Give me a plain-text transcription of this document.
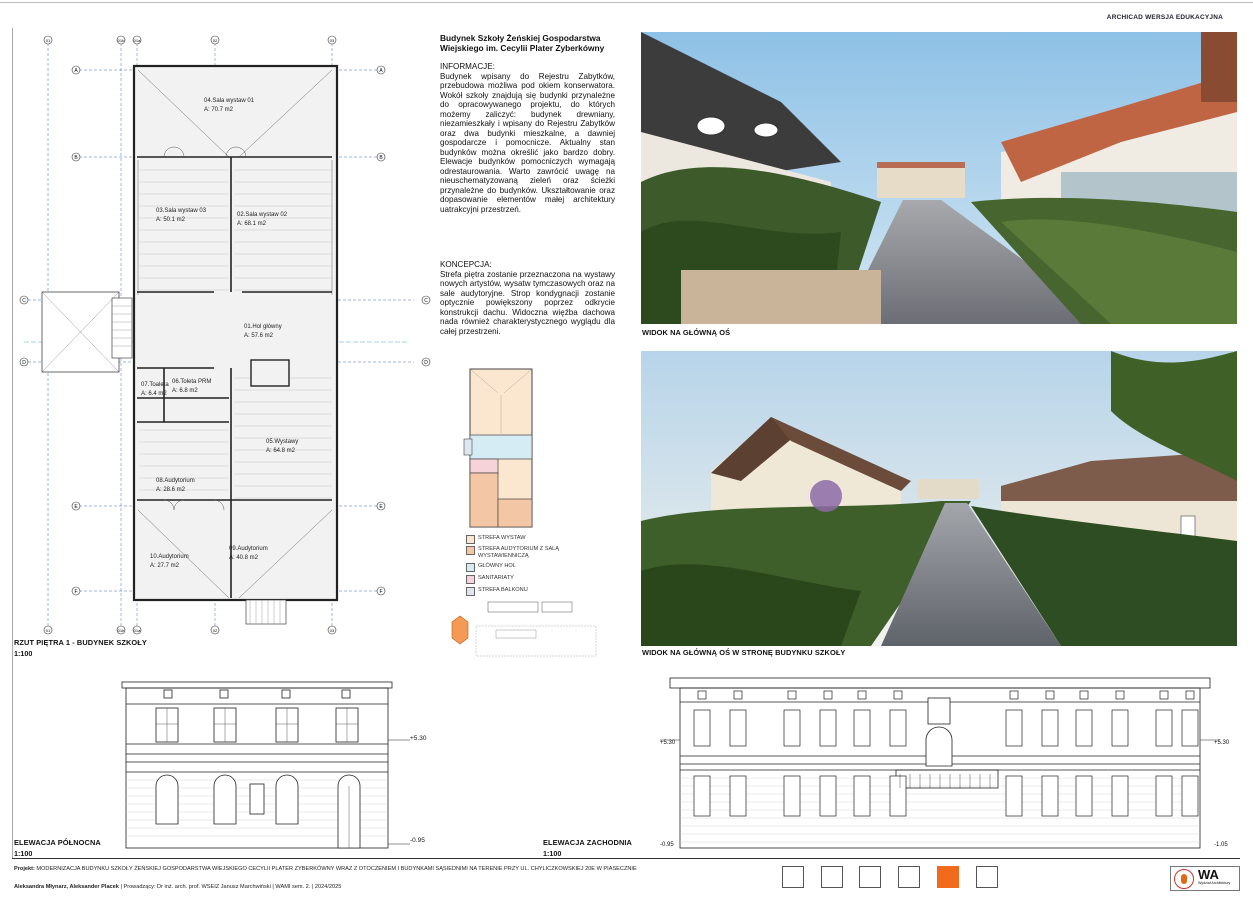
ARCHICAD WERSJA EDUKACYJNA
04.Sala wystaw 01
A: 70.7 m2
03.Sala wystaw 03
A: 50.1 m2
02.Sala wystaw 02
A: 68.1 m2
01.Hol główny
A: 57.6 m2
07.Toaleta
A: 6.4 m2
06.Toleta PRM
A: 6.8 m2
05.Wystawy
A: 64.8 m2
08.Audytorium
A: 28.6 m2
09.Audytorium
A: 40.8 m2
10.Audytorium
A: 27.7 m2
A	A
B	B
C	C
D	D
E	E
F	F
01
01
01b
01b
01a
01a
02
02
03
03
Budynek Szkoły Żeńskiej Gospodarstwa Wiejskiego im. Cecylii Plater Zyberkówny
INFORMACJE:
Budynek wpisany do Rejestru Zabytków, przebudowa możliwa pod okiem konserwatora. Wokół szkoły znajdują się budynki przynależne do opracowywanego projektu, do których możemy zaliczyć: budynek drewniany, niezamieszkały i wpisany do Rejestru Zabytków oraz dwa budynki mieszkalne, a dawniej gospodarcze i pomocnicze. Aktualny stan budynków można określić jako bardzo dobry. Elewacje budynków pomocniczych wymagają odrestaurowania. Warto zawrócić uwagę na nieuschematyzowaną zieleń oraz ścieżki przynależne do budynków. Ukształtowanie oraz dopasowanie elementów małej architektury uatrakcyjni przestrzeń.
KONCEPCJA:
Strefa piętra zostanie przeznaczona na wystawy nowych artystów, wysatw tymczasowych oraz na sale audytoryjne. Strop kondygnacji zostanie optycznie powiększony poprzez odkrycie konstrukcji dachu. Widoczna więźba dachowa nada również charakterystycznego wyglądu dla całej przestrzeni.
STREFA WYSTAW
STREFA AUDYTORIUM Z SALĄ WYSTAWIENNICZĄ
GŁÓWNY HOL
SANITARIATY
STREFA BALKONU
RZUT PIĘTRA 1 - BUDYNEK SZKOŁY
1:100
WIDOK NA GŁÓWNĄ OŚ
WIDOK NA GŁÓWNĄ OŚ W STRONĘ BUDYNKU SZKOŁY
+5.30
-0.95
ELEWACJA PÓŁNOCNA
1:100
+5.30	+5.30
-0.95	-1.05
ELEWACJA ZACHODNIA
1:100
Projekt: MODERNIZACJA BUDYNKU SZKOŁY ŻEŃSKIEJ GOSPODARSTWA WIEJSKIEGO CECYLII PLATER ZYBERKÓWNY WRAZ Z OTOCZENIEM I BUDYNKAMI SĄSIEDNIMI NA TERENIE PRZY UL. CHYLICZKOWSKIEJ 20E W PIASECZNIE
Aleksandra Młynarz, Aleksander Placek | Prowadzący: Dr inż. arch. prof. WSEIZ Janusz Marchwiński | WAMI sem. 2. | 2024/2025
WA
Wydział Architektury
